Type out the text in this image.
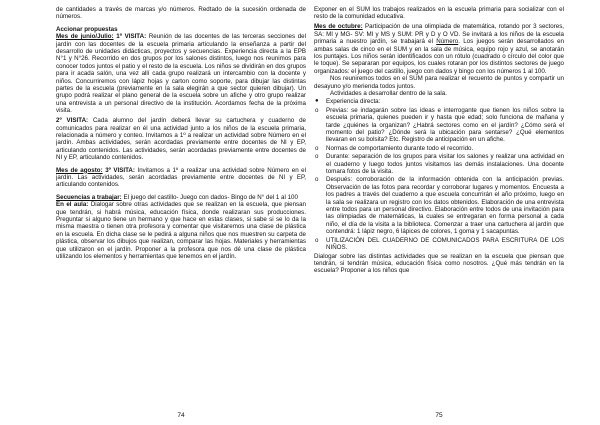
de cantidades a través de marcas y/o números. Redtado de la sucesión ordenada de números.

Accionar propuestas

Mes de junio/Julio: 1º VISITA: Reunión de las docentes de las terceras secciones del jardín con las docentes de la escuela primaria articulando la enseñanza a partir del desarrollo de unidades didácticas, proyectos y secuencias. Experiencia directa a la EPB N°1 y N°26. Recorrido en dos grupos por los salones distintos, luego nos reunimos para conocer todos juntos el patio y el resto de la escuela. Los niños se dividirán en dos grupos para ir acada salón, una vez allí cada grupo realizará un intercambio con la docente y niños. Concurriremos con lápiz hojas y carton como soporte, para dibujar las distintas partes de la escuela (previamente en la sala elegirán a que sector quieren dibujar). Un grupo podrá realizar el plano general de la escuela sobre un afiche y otro grupo realizar una entrevista a un personal directivo de la institución. Acordamos fecha de la próxima visita.

2º VISITA: Cada alumno del jardín deberá llevar su cartuchera y cuaderno de comunicados para realizar en él una actividad junto a los niños de la escuela primaria, relacionada a número y conteo. Invitamos a 1º a realizar un actividad sobre Número en el jardín. Ambas actividades, serán acordadas previamente entre docentes de NI y EP, articulando contenidos. Las actividades, serán acordadas previamente entre docentes de NI y EP, articulando contenidos.

Mes de agosto: 3º VISITA: Invitamos a 1º a realizar una actividad sobre Número en el jardín. Las actividades, serán acordadas previamente entre docentes de NI y EP, articulando contenidos.

Secuencias a trabajar: El juego del castillo- Juego con dados- Bingo de N° del 1 al 100

En el aula: Dialogar sobre otras actividades que se realizan en la escuela, que piensan que tendrán, si habrá música, educación física, donde realizaran sus producciones. Preguntar si alguno tiene un hermano y que hace en estas clases, si sabe si se lo da la misma maestra o tienen otra profesora y comentar que visitaremos una clase de plástica en la escuela. En dicha clase se le pedirá a alguna niños que nos muestren su carpeta de plástica, observar los dibujos que realizan, comparar las hojas. Materiales y herramientas que utilizaron en el jardín. Proponer a la profesora que nos dé una clase de plástica utilizando los elementos y herramientas que tenemos en el jardín.

74

Exponer en el SUM los trabajos realizados en la escuela primaria para socializar con el resto de la comunidad educativa.

Mes de octubre: Participación de una olimpiada de matemática, rotando por 3 sectores, SA: MI y MG- SV: MI y MS y SUM: PR y D y O VD. Se invitará a los niños de la escuela primaria a nuestro jardín, se trabajará el Número. Los juegos serán desarrollados en ambas salas de cinco en el SUM y en la sala de música, equipo rojo y azul, se anotarán los puntajes. Los niños serán identificados con un rótulo (cuadrado o círculo del color que le toque). Se separaran por equipos, los cuales rotaran por los distintos sectores de juego organizados: el juego del castillo, juego con dados y bingo con los números 1 al 100.

Nos reuniremos todos en el SUM para realizar el recuento de puntos y compartir un desayuno y/o merienda todos juntos.

Actividades a desarrollar dentro de la sala.

● Experiencia directa:
o Previas: se indagarán sobre las ideas e interrogante que tienen los niños sobre la escuela primaria, quienes pueden ir y hasta que edad; solo funciona de mañana y tarde ¿quiénes la organizan? ¿Habrá sectores como en el jardín? ¿Cómo será el momento del patio? ¿Dónde será la ubicación para sentarse? ¿Qué elementos llevaran en su bolsita? Etc. Registro de anticipación en un afiche.
o Normas de comportamiento durante todo el recorrido.
o Durante: separación de los grupos para visitar los salones y realizar una actividad en el cuaderno y luego todos juntos visitamos las demás instalaciones. Una docente tomara fotos de la visita.
o Después: corroboración de la información obtenida con la anticipación previas. Observación de las fotos para recordar y corroborar lugares y momentos. Encuesta a los padres a través del cuaderno a que escuela concurrirán el año próximo, luego en la sala se realizara un registro con los datos obtenidos. Elaboración de una entrevista entre todos para un personal directivo. Elaboración entre todos de una invitación para las olimpiadas de matemáticas, la cuales se entregaran en forma personal a cada niño, el día de la visita a la biblioteca. Comenzar a traer una cartuchera al jardín que contendrá: 1 lápiz negro, 6 lápices de colores, 1 goma y 1 sacapuntas.
o UTILIZACIÓN DEL CUADERNO DE COMUNICADOS PARA ESCRITURA DE LOS NIÑOS.

Dialogar sobre las distintas actividades que se realizan en la escuela que piensan que tendrán, si tendrán música, educación física como nosotros. ¿Qué más tendrán en la escuela? Proponer a los niños que

75
